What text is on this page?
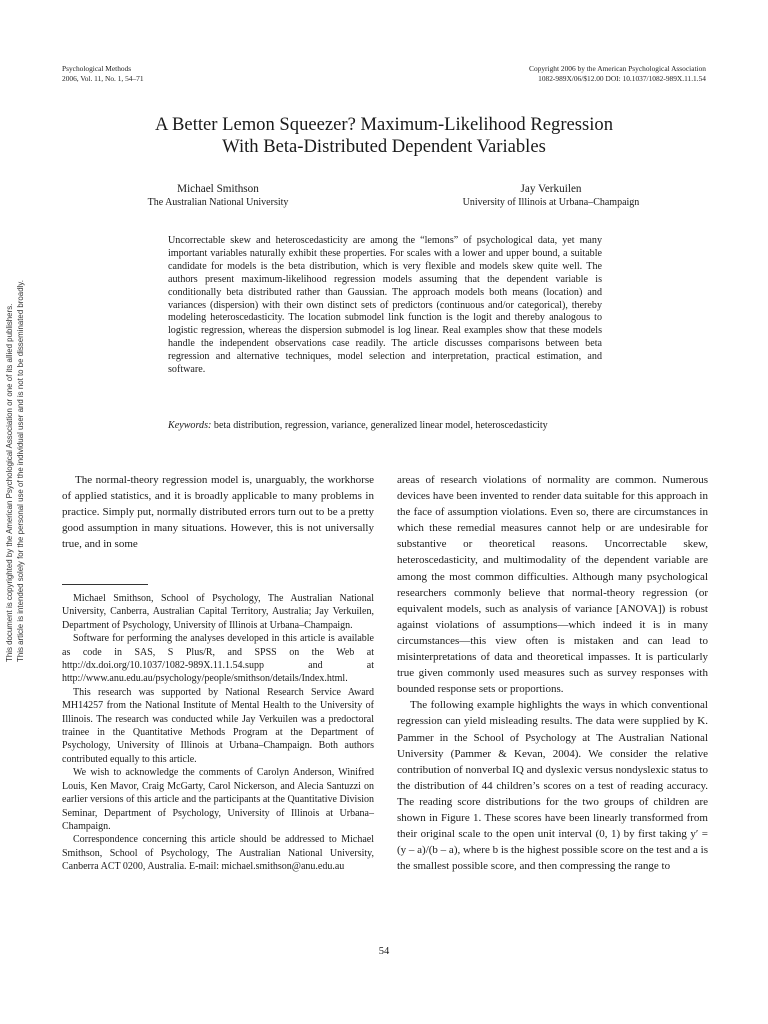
Psychological Methods
2006, Vol. 11, No. 1, 54–71
Copyright 2006 by the American Psychological Association
1082-989X/06/$12.00 DOI: 10.1037/1082-989X.11.1.54
A Better Lemon Squeezer? Maximum-Likelihood Regression
With Beta-Distributed Dependent Variables
Michael Smithson
The Australian National University
Jay Verkuilen
University of Illinois at Urbana–Champaign
Uncorrectable skew and heteroscedasticity are among the “lemons” of psychological data, yet many important variables naturally exhibit these properties. For scales with a lower and upper bound, a suitable candidate for models is the beta distribution, which is very flexible and models skew quite well. The authors present maximum-likelihood regression models assuming that the dependent variable is conditionally beta distributed rather than Gaussian. The approach models both means (location) and variances (dispersion) with their own distinct sets of predictors (continuous and/or categorical), thereby modeling heteroscedasticity. The location submodel link function is the logit and thereby analogous to logistic regression, whereas the dispersion submodel is log linear. Real examples show that these models handle the independent observations case readily. The article discusses comparisons between beta regression and alternative techniques, model selection and interpretation, practical estimation, and software.
Keywords: beta distribution, regression, variance, generalized linear model, heteroscedasticity

The normal-theory regression model is, unarguably, the workhorse of applied statistics, and it is broadly applicable to many problems in practice. Simply put, normally distributed errors turn out to be a pretty good assumption in many situations. However, this is not universally true, and in some

Michael Smithson, School of Psychology, The Australian National University, Canberra, Australian Capital Territory, Australia; Jay Verkuilen, Department of Psychology, University of Illinois at Urbana–Champaign.

Software for performing the analyses developed in this article is available as code in SAS, S Plus/R, and SPSS on the Web at http://dx.doi.org/10.1037/1082-989X.11.1.54.supp and at http://www.anu.edu.au/psychology/people/smithson/details/Index.html.

This research was supported by National Research Service Award MH14257 from the National Institute of Mental Health to the University of Illinois. The research was conducted while Jay Verkuilen was a predoctoral trainee in the Quantitative Methods Program at the Department of Psychology, University of Illinois at Urbana–Champaign. Both authors contributed equally to this article.

We wish to acknowledge the comments of Carolyn Anderson, Winifred Louis, Ken Mavor, Craig McGarty, Carol Nickerson, and Alecia Santuzzi on earlier versions of this article and the participants at the Quantitative Division Seminar, Department of Psychology, University of Illinois at Urbana–Champaign.

Correspondence concerning this article should be addressed to Michael Smithson, School of Psychology, The Australian National University, Canberra ACT 0200, Australia. E-mail: michael.smithson@anu.edu.au

areas of research violations of normality are common. Numerous devices have been invented to render data suitable for this approach in the face of assumption violations. Even so, there are circumstances in which these remedial measures cannot help or are undesirable for substantive or theoretical reasons. Uncorrectable skew, heteroscedasticity, and multimodality of the dependent variable are among the most common difficulties. Although many psychological researchers commonly believe that normal-theory regression (or equivalent models, such as analysis of variance [ANOVA]) is robust against violations of assumptions—which indeed it is in many circumstances—this view often is mistaken and can lead to misinterpretations of data and theoretical impasses. It is particularly true given commonly used measures such as survey responses with bounded response sets or proportions.

The following example highlights the ways in which conventional regression can yield misleading results. The data were supplied by K. Pammer in the School of Psychology at The Australian National University (Pammer & Kevan, 2004). We consider the relative contribution of nonverbal IQ and dyslexic versus nondyslexic status to the distribution of 44 children’s scores on a test of reading accuracy. The reading score distributions for the two groups of children are shown in Figure 1. These scores have been linearly transformed from their original scale to the open unit interval (0, 1) by first taking y′ = (y – a)/(b – a), where b is the highest possible score on the test and a is the smallest possible score, and then compressing the range to

This document is copyrighted by the American Psychological Association or one of its allied publishers. This article is intended solely for the personal use of the individual user and is not to be disseminated broadly.
54
